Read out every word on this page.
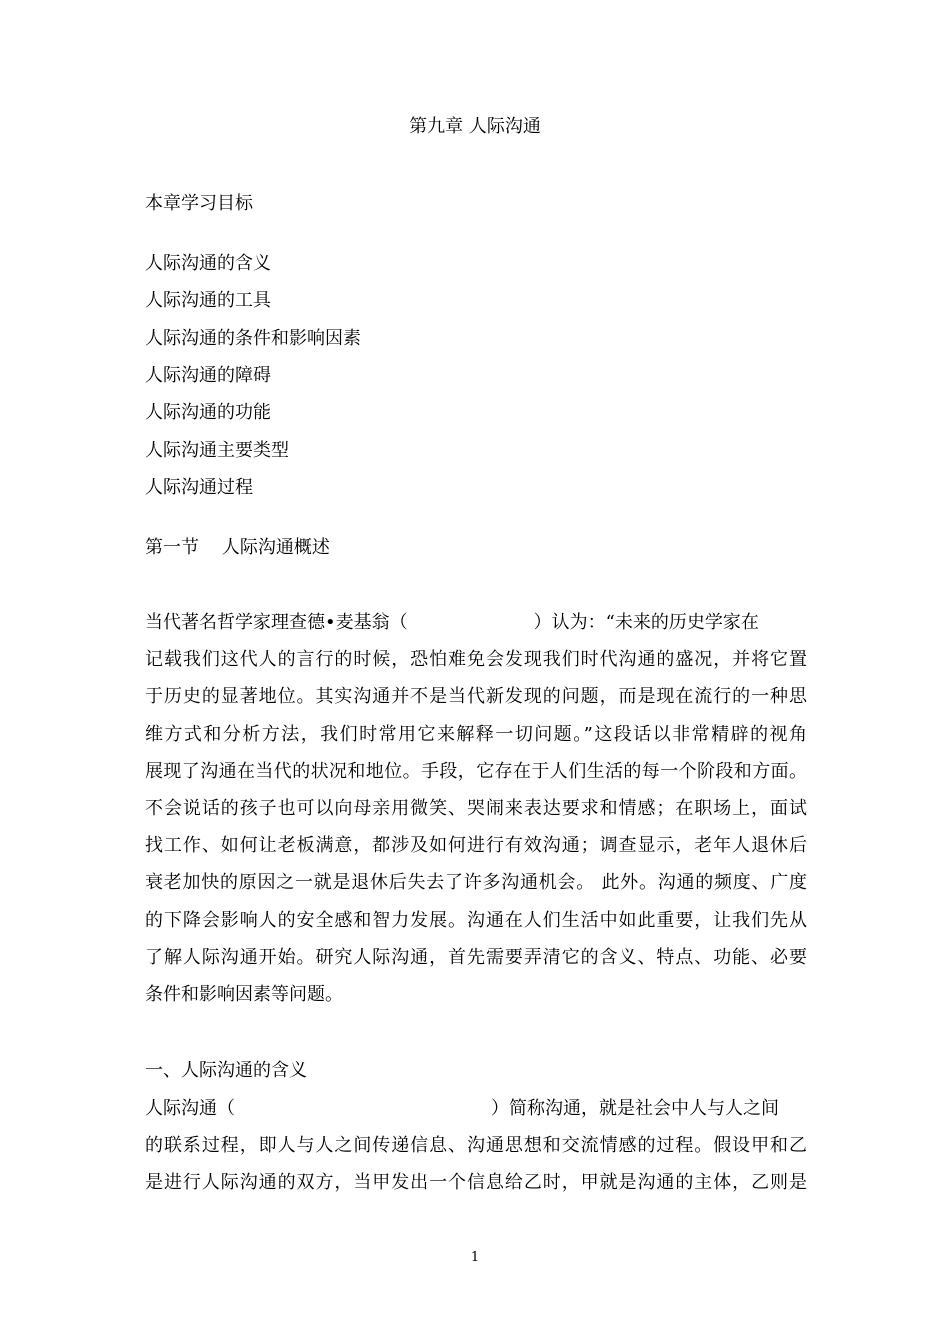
第九章 人际沟通
本章学习目标
人际沟通的含义
人际沟通的工具
人际沟通的条件和影响因素
人际沟通的障碍
人际沟通的功能
人际沟通主要类型
人际沟通过程
第一节    人际沟通概述
当代著名哲学家理查德•麦基翁（	）认为：“未来的历史学家在
记载我们这代人的言行的时候，恐怕难免会发现我们时代沟通的盛况，并将它置
于历史的显著地位。其实沟通并不是当代新发现的问题，而是现在流行的一种思
维方式和分析方法，我们时常用它来解释一切问题。”这段话以非常精辟的视角
展现了沟通在当代的状况和地位。手段，它存在于人们生活的每一个阶段和方面。
不会说话的孩子也可以向母亲用微笑、哭闹来表达要求和情感；在职场上，面试
找工作、如何让老板满意，都涉及如何进行有效沟通；调查显示，老年人退休后
衰老加快的原因之一就是退休后失去了许多沟通机会。 此外。沟通的频度、广度
的下降会影响人的安全感和智力发展。沟通在人们生活中如此重要，让我们先从
了解人际沟通开始。研究人际沟通，首先需要弄清它的含义、特点、功能、必要
条件和影响因素等问题。
一、人际沟通的含义
人际沟通（	）简称沟通，就是社会中人与人之间
的联系过程，即人与人之间传递信息、沟通思想和交流情感的过程。假设甲和乙
是进行人际沟通的双方，当甲发出一个信息给乙时，甲就是沟通的主体，乙则是
1
